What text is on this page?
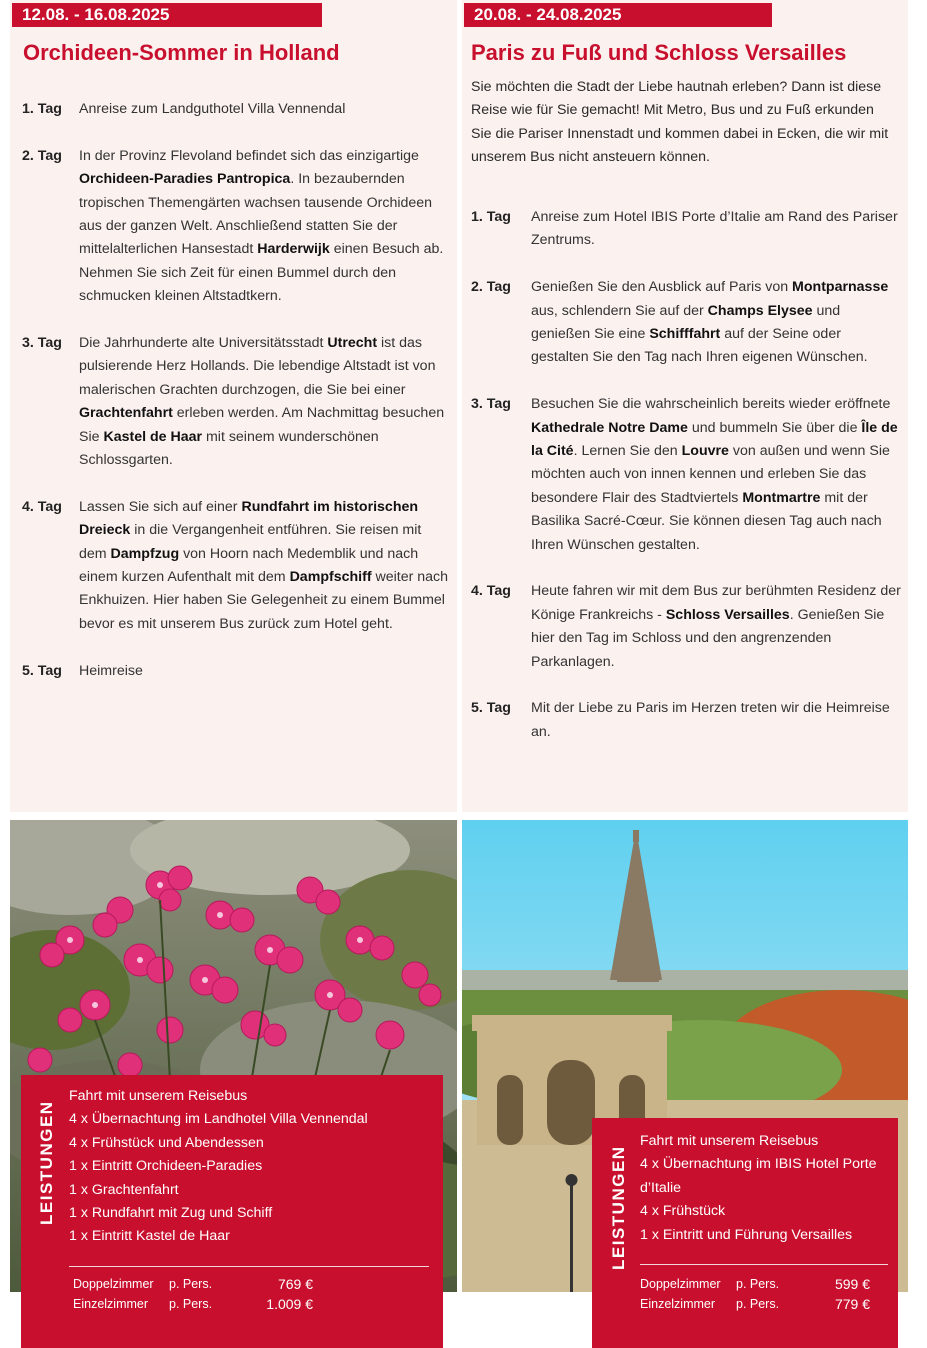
12.08. - 16.08.2025
Orchideen-Sommer in Holland
1. Tag	Anreise zum Landguthotel Villa Vennendal
2. Tag	In der Provinz Flevoland befindet sich das einzigartige Orchideen-Paradies Pantropica. In bezaubernden tropischen Themengärten wachsen tausende Orchideen aus der ganzen Welt. Anschließend statten Sie der mittelalterlichen Hansestadt Harderwijk einen Besuch ab. Nehmen Sie sich Zeit für einen Bummel durch den schmucken kleinen Altstadtkern.
3. Tag	Die Jahrhunderte alte Universitätsstadt Utrecht ist das pulsierende Herz Hollands. Die lebendige Altstadt ist von malerischen Grachten durchzogen, die Sie bei einer Grachtenfahrt erleben werden. Am Nachmittag besuchen Sie Kastel de Haar mit seinem wunderschönen Schlossgarten.
4. Tag	Lassen Sie sich auf einer Rundfahrt im historischen Dreieck in die Vergangenheit entführen. Sie reisen mit dem Dampfzug von Hoorn nach Medemblik und nach einem kurzen Aufenthalt mit dem Dampfschiff weiter nach Enkhuizen. Hier haben Sie Gelegenheit zu einem Bummel bevor es mit unserem Bus zurück zum Hotel geht.
5. Tag	Heimreise
20.08. - 24.08.2025
Paris zu Fuß und Schloss Versailles
Sie möchten die Stadt der Liebe hautnah erleben? Dann ist diese Reise wie für Sie gemacht! Mit Metro, Bus und zu Fuß erkunden Sie die Pariser Innenstadt und kommen dabei in Ecken, die wir mit unserem Bus nicht ansteuern können.
1. Tag	Anreise zum Hotel IBIS Porte d’Italie am Rand des Pariser Zentrums.
2. Tag	Genießen Sie den Ausblick auf Paris von Montparnasse aus, schlendern Sie auf der Champs Elysee und genießen Sie eine Schifffahrt auf der Seine oder gestalten Sie den Tag nach Ihren eigenen Wünschen.
3. Tag	Besuchen Sie die wahrscheinlich bereits wieder eröffnete Kathedrale Notre Dame und bummeln Sie über die Île de la Cité. Lernen Sie den Louvre von außen und wenn Sie möchten auch von innen kennen und erleben Sie das besondere Flair des Stadtviertels Montmartre mit der Basilika Sacré-Cœur. Sie können diesen Tag auch nach Ihren Wünschen gestalten.
4. Tag	Heute fahren wir mit dem Bus zur berühmten Residenz der Könige Frankreichs - Schloss Versailles. Genießen Sie hier den Tag im Schloss und den angrenzenden Parkanlagen.
5. Tag	Mit der Liebe zu Paris im Herzen treten wir die Heimreise an.
LEISTUNGEN
Fahrt mit unserem Reisebus
4 x Übernachtung im Landhotel Villa Vennendal
4 x Frühstück und Abendessen
1 x Eintritt Orchideen-Paradies
1 x Grachtenfahrt
1 x Rundfahrt mit Zug und Schiff
1 x Eintritt Kastel de Haar
Doppelzimmer	p. Pers.	769 €
Einzelzimmer	p. Pers.	1.009 €
LEISTUNGEN
Fahrt mit unserem Reisebus
4 x Übernachtung im IBIS Hotel Porte d’Italie
4 x Frühstück
1 x Eintritt und Führung Versailles
Doppelzimmer	p. Pers.	599 €
Einzelzimmer	p. Pers.	779 €
